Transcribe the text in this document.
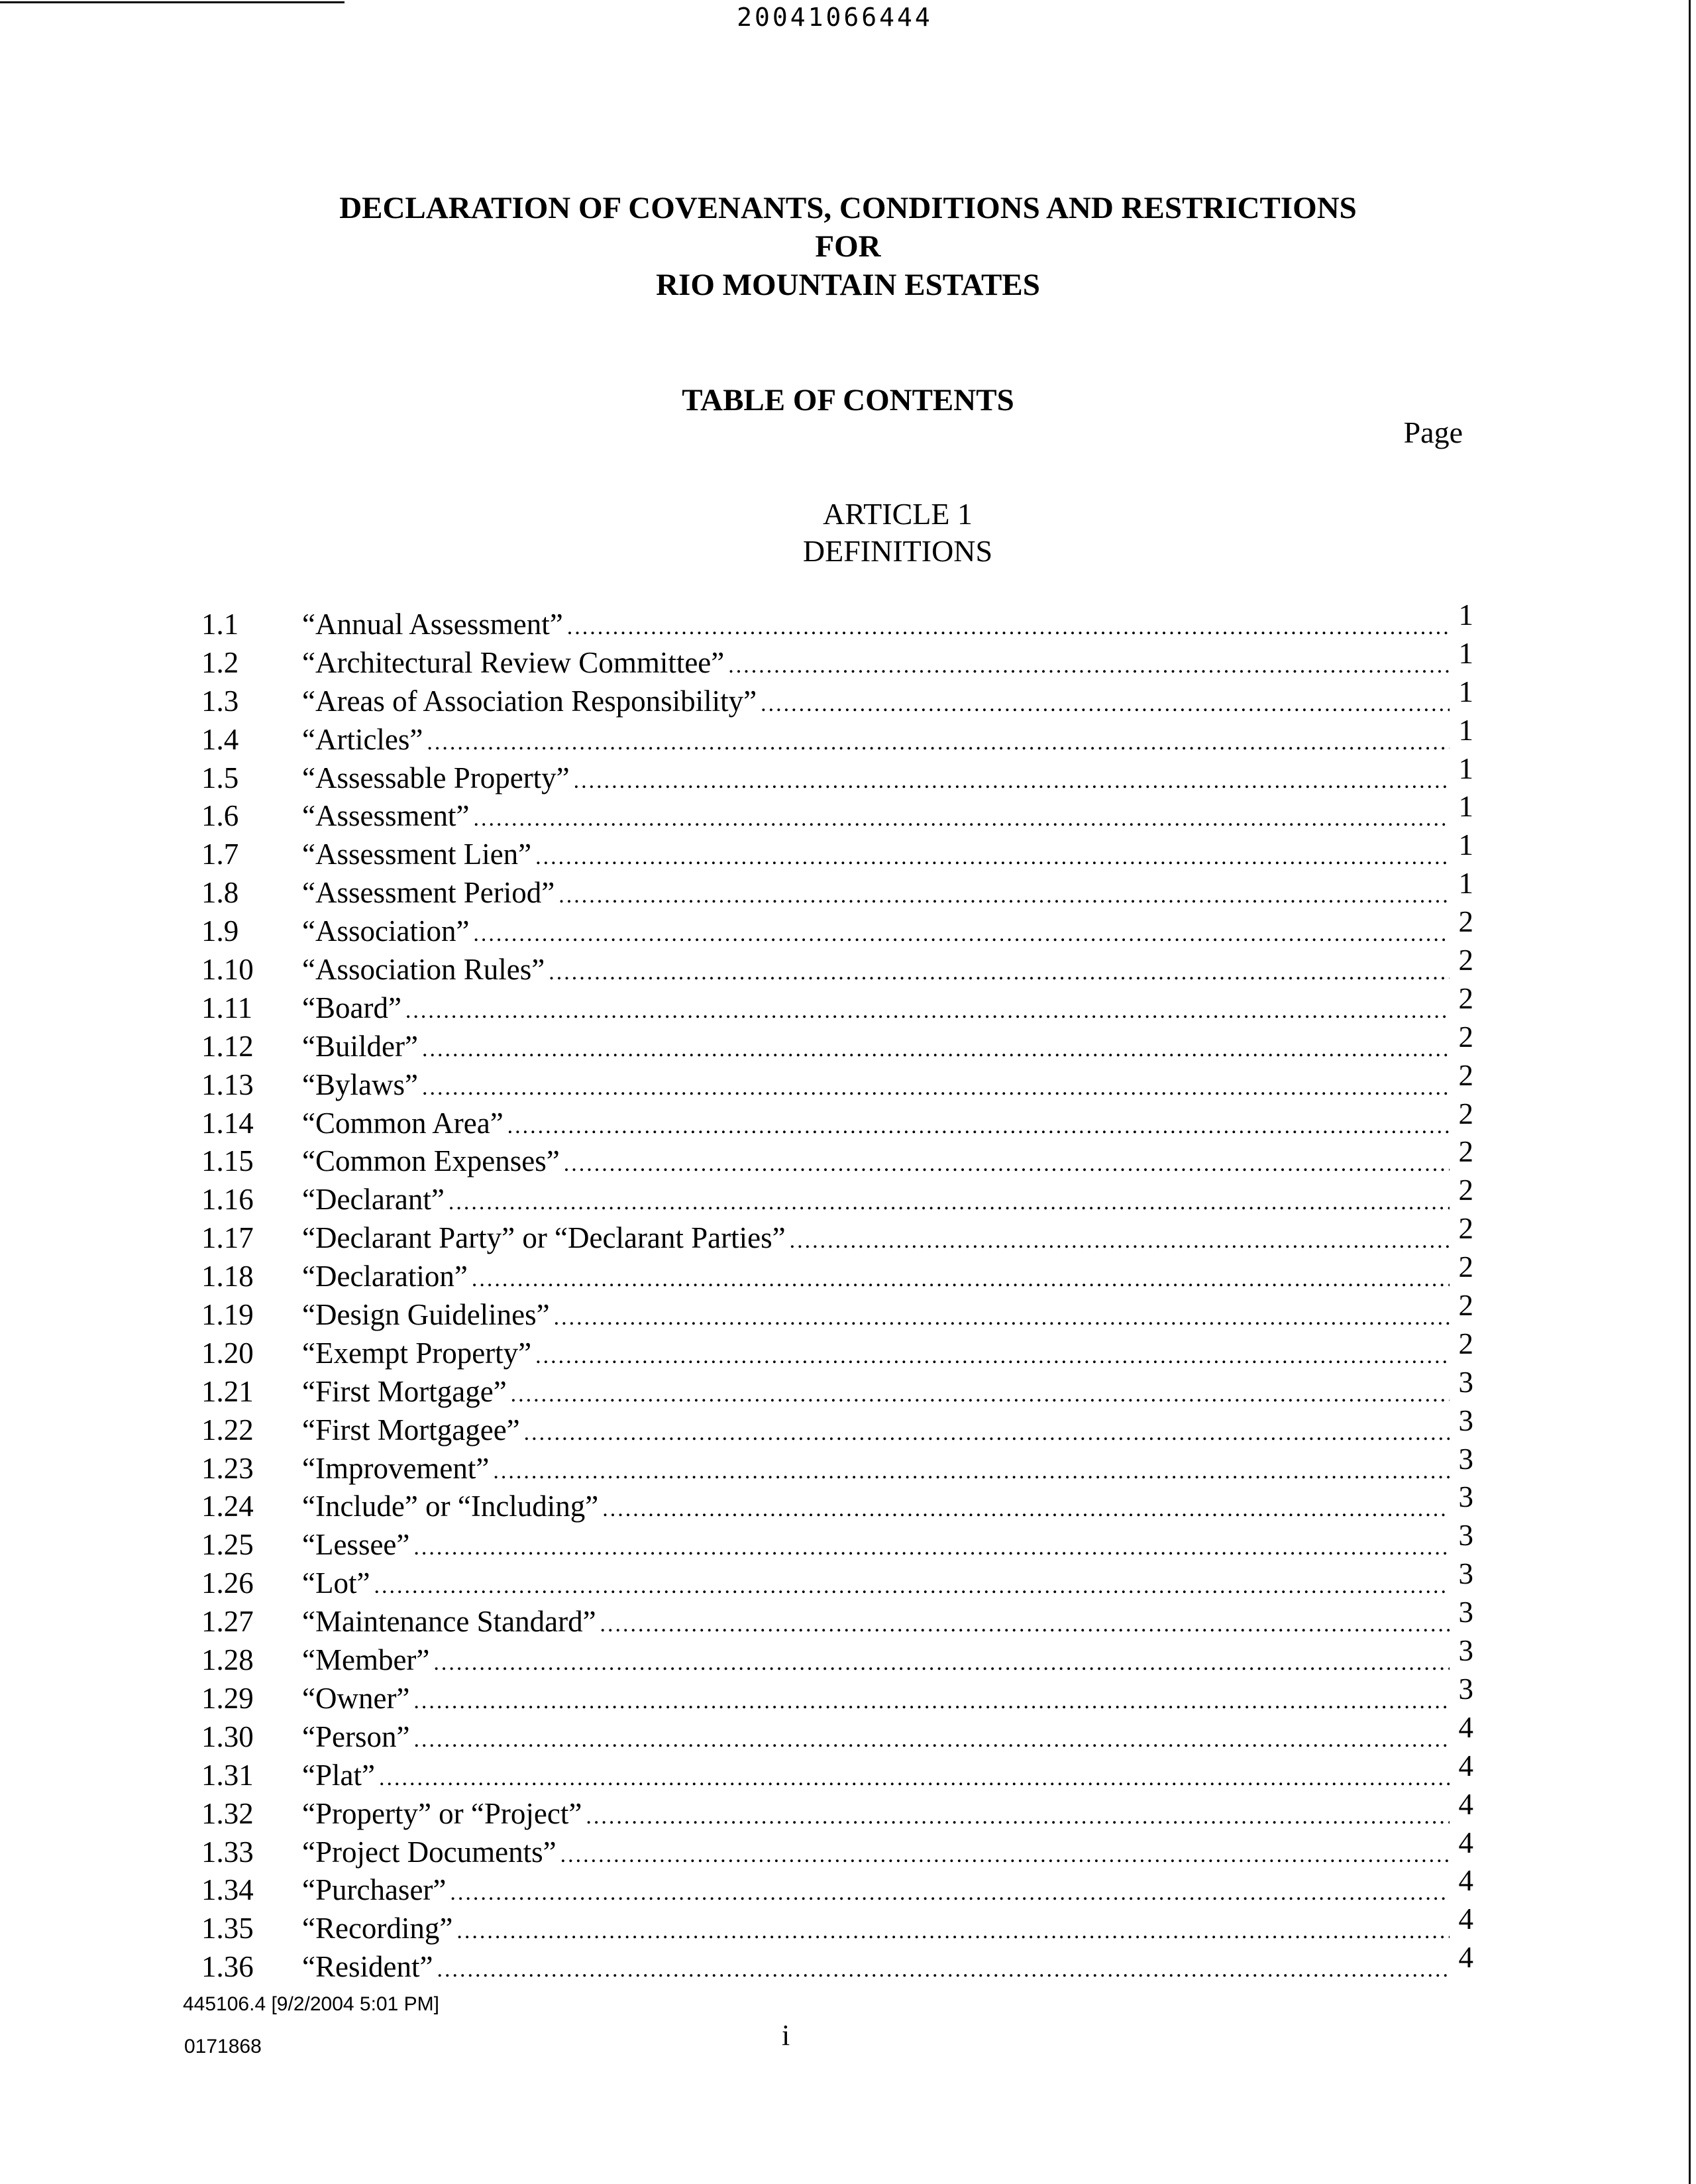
20041066444
DECLARATION OF COVENANTS, CONDITIONS AND RESTRICTIONS
FOR
RIO MOUNTAIN ESTATES
TABLE OF CONTENTS
Page
ARTICLE 1
DEFINITIONS
1.1	“Annual Assessment” .....	1
1.2	“Architectural Review Committee” .....	1
1.3	“Areas of Association Responsibility” .....	1
1.4	“Articles” .....	1
1.5	“Assessable Property” .....	1
1.6	“Assessment” .....	1
1.7	“Assessment Lien” .....	1
1.8	“Assessment Period” .....	1
1.9	“Association” .....	2
1.10	“Association Rules” .....	2
1.11	“Board” .....	2
1.12	“Builder” .....	2
1.13	“Bylaws” .....	2
1.14	“Common Area” .....	2
1.15	“Common Expenses” .....	2
1.16	“Declarant” .....	2
1.17	“Declarant Party” or “Declarant Parties” .....	2
1.18	“Declaration” .....	2
1.19	“Design Guidelines” .....	2
1.20	“Exempt Property” .....	2
1.21	“First Mortgage” .....	3
1.22	“First Mortgagee” .....	3
1.23	“Improvement” .....	3
1.24	“Include” or “Including” .....	3
1.25	“Lessee” .....	3
1.26	“Lot” .....	3
1.27	“Maintenance Standard” .....	3
1.28	“Member” .....	3
1.29	“Owner” .....	3
1.30	“Person” .....	4
1.31	“Plat” .....	4
1.32	“Property” or “Project” .....	4
1.33	“Project Documents” .....	4
1.34	“Purchaser” .....	4
1.35	“Recording” .....	4
1.36	“Resident” .....	4
445106.4 [9/2/2004 5:01 PM]
i
0171868
